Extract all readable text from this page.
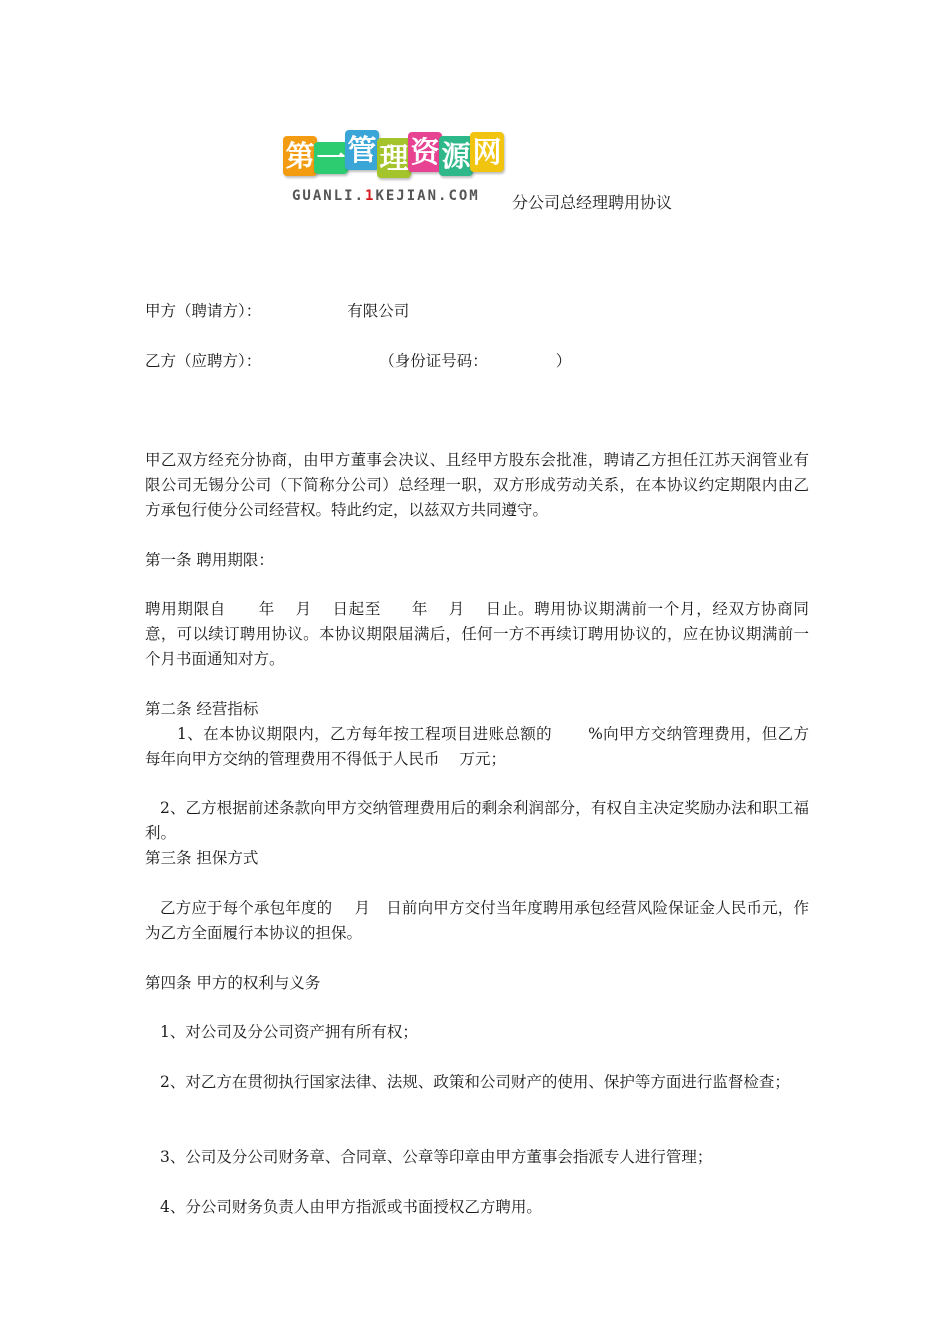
第 一 管 理 资 源 网
GUANLI.1KEJIAN.COM 分公司总经理聘用协议

甲方（聘请方）：	有限公司

乙方（应聘方）：	（身份证号码：	）

甲乙双方经充分协商，由甲方董事会决议、且经甲方股东会批准，聘请乙方担任江苏天润管业有限公司无锡分公司（下简称分公司）总经理一职，双方形成劳动关系，在本协议约定期限内由乙方承包行使分公司经营权。特此约定，以兹双方共同遵守。

第一条 聘用期限：

聘用期限自 年 月 日起至 年 月 日止。聘用协议期满前一个月，经双方协商同意，可以续订聘用协议。本协议期限届满后，任何一方不再续订聘用协议的，应在协议期满前一个月书面通知对方。

第二条 经营指标

1、在本协议期限内，乙方每年按工程项目进账总额的 %向甲方交纳管理费用，但乙方每年向甲方交纳的管理费用不得低于人民币 万元；

2、乙方根据前述条款向甲方交纳管理费用后的剩余利润部分，有权自主决定奖励办法和职工福利。

第三条 担保方式

乙方应于每个承包年度的 月 日前向甲方交付当年度聘用承包经营风险保证金人民币元，作为乙方全面履行本协议的担保。

第四条 甲方的权利与义务

1、对公司及分公司资产拥有所有权；

2、对乙方在贯彻执行国家法律、法规、政策和公司财产的使用、保护等方面进行监督检查；

3、公司及分公司财务章、合同章、公章等印章由甲方董事会指派专人进行管理；

4、分公司财务负责人由甲方指派或书面授权乙方聘用。
